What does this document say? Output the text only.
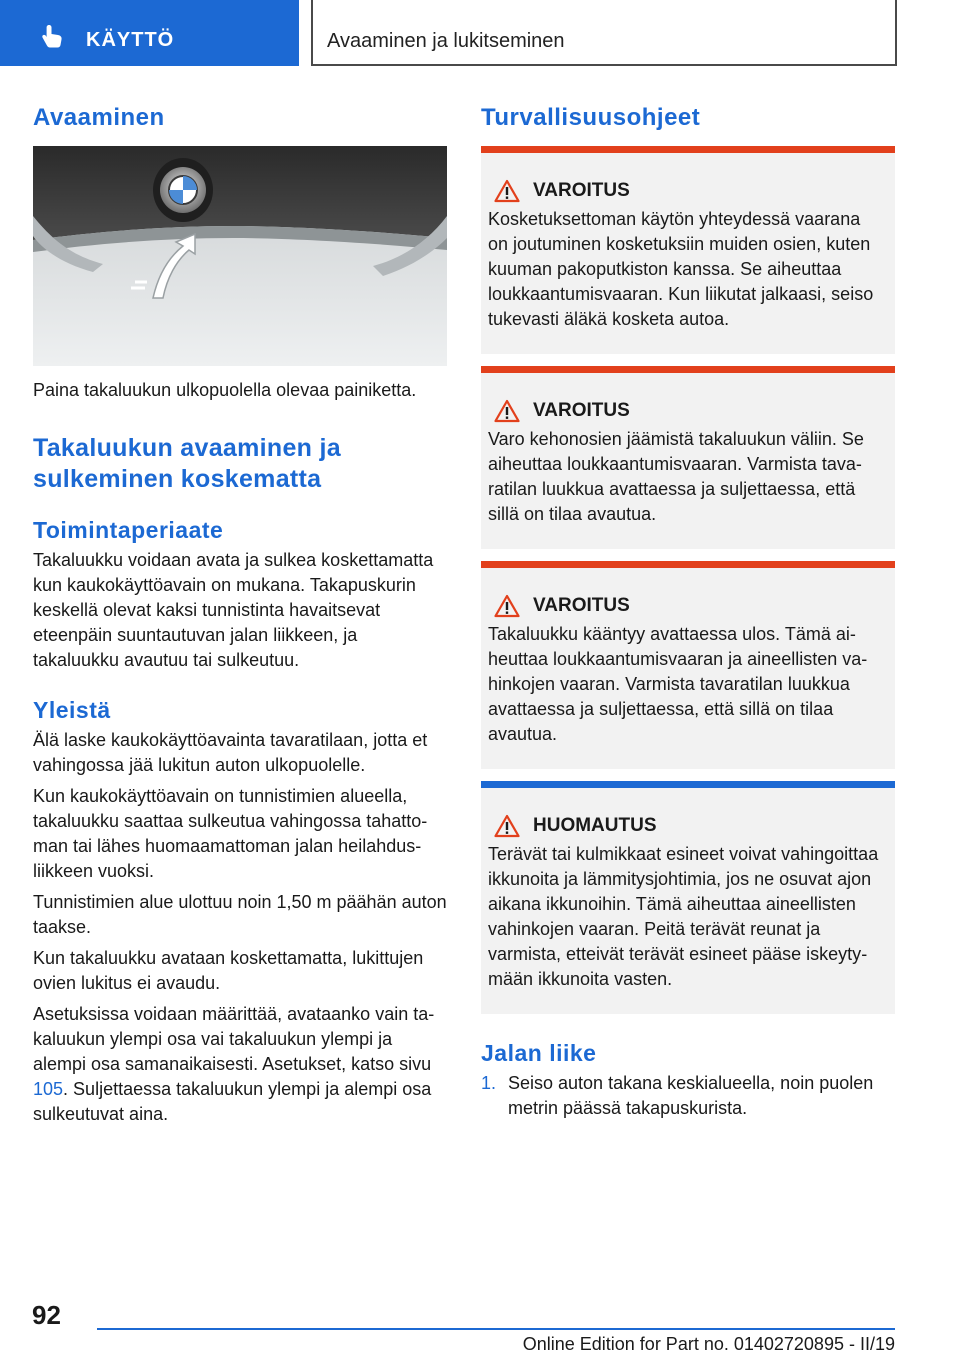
KÄYTTÖ	Avaaminen ja lukitseminen
Avaaminen

Paina takaluukun ulkopuolella olevaa painiketta.

Takaluukun avaaminen ja sulkeminen koskematta
Toimintaperiaate

Takaluukku voidaan avata ja sulkea koskettamatta kun kaukokäyttöavain on mukana. Takapuskurin keskellä olevat kaksi tunnistinta havaitsevat eteenpäin suuntautuvan jalan liikkeen, ja takaluukku avautuu tai sulkeutuu.

Yleistä

Älä laske kaukokäyttöavainta tavaratilaan, jotta et vahingossa jää lukitun auton ulkopuolelle.

Kun kaukokäyttöavain on tunnistimien alueella, takaluukku saattaa sulkeutua vahingossa tahattoman tai lähes huomaamattoman jalan heilahdusliikkeen vuoksi.

Tunnistimien alue ulottuu noin 1,50 m päähän auton taakse.

Kun takaluukku avataan koskettamatta, lukittujen ovien lukitus ei avaudu.

Asetuksissa voidaan määrittää, avataanko vain takaluukun ylempi osa vai takaluukun ylempi ja alempi osa samanaikaisesti. Asetukset, katso sivu 105. Suljettaessa takaluukun ylempi ja alempi osa sulkeutuvat aina.

Turvallisuusohjeet
VAROITUS

Kosketuksettoman käytön yhteydessä vaarana on joutuminen kosketuksiin muiden osien, kuten kuuman pakoputkiston kanssa. Se aiheuttaa loukkaantumisvaaran. Kun liikutat jalkaasi, seiso tukevasti äläkä kosketa autoa.

VAROITUS

Varo kehonosien jäämistä takaluukun väliin. Se aiheuttaa loukkaantumisvaaran. Varmista tavaratilan luukkua avattaessa ja suljettaessa, että sillä on tilaa avautua.

VAROITUS

Takaluukku kääntyy avattaessa ulos. Tämä aiheuttaa loukkaantumisvaaran ja aineellisten vahinkojen vaaran. Varmista tavaratilan luukkua avattaessa ja suljettaessa, että sillä on tilaa avautua.

HUOMAUTUS

Terävät tai kulmikkaat esineet voivat vahingoittaa ikkunoita ja lämmitysjohtimia, jos ne osuvat ajon aikana ikkunoihin. Tämä aiheuttaa aineellisten vahinkojen vaaran. Peitä terävät reunat ja varmista, etteivät terävät esineet pääse iskeytymään ikkunoita vasten.

Jalan liike
1. Seiso auton takana keskialueella, noin puolen metrin päässä takapuskurista.
92
Online Edition for Part no. 01402720895 - II/19
